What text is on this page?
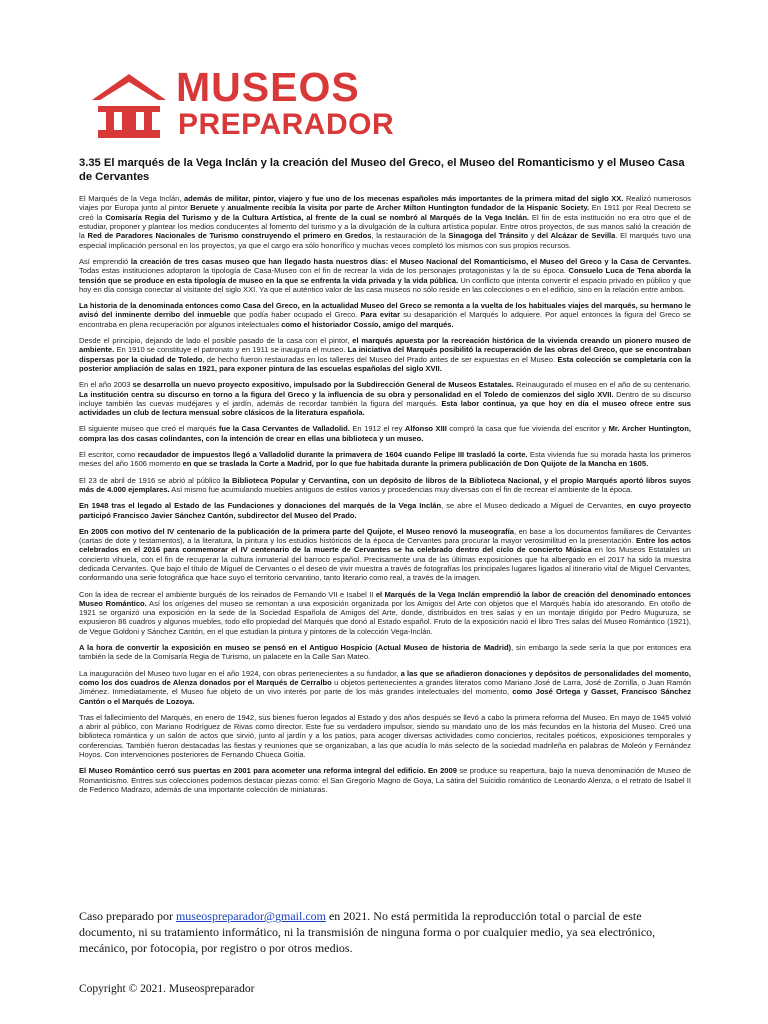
MUSEOS
PREPARADOR
3.35 El marqués de la Vega Inclán y la creación del Museo del Greco, el Museo del Romanticismo y el Museo Casa de Cervantes

El Marqués de la Vega Inclán, además de militar, pintor, viajero y fue uno de los mecenas españoles más importantes de la primera mitad del siglo XX. Realizó numerosos viajes por Europa junto al pintor Beruete y anualmente recibía la visita por parte de Archer Milton Huntington fundador de la Hispanic Society. En 1911 por Real Decreto se creó la Comisaría Regia del Turismo y de la Cultura Artística, al frente de la cual se nombró al Marqués de la Vega Inclán. El fin de esta institución no era otro que el de estudiar, proponer y plantear los medios conducentes al fomento del turismo y a la divulgación de la cultura artística popular. Entre otros proyectos, de sus manos salió la creación de la Red de Paradores Nacionales de Turismo construyendo el primero en Gredos, la restauración de la Sinagoga del Tránsito y del Alcázar de Sevilla. El marqués tuvo una especial implicación personal en los proyectos, ya que el cargo era sólo honorífico y muchas veces completó los mismos con sus propios recursos.

Así emprendió la creación de tres casas museo que han llegado hasta nuestros días: el Museo Nacional del Romanticismo, el Museo del Greco y la Casa de Cervantes. Todas estas instituciones adoptaron la tipología de Casa-Museo con el fin de recrear la vida de los personajes protagonistas y la de su época. Consuelo Luca de Tena aborda la tensión que se produce en esta tipología de museo en la que se enfrenta la vida privada y la vida pública. Un conflicto que intenta convertir el espacio privado en público y que hoy en día consiga conectar al visitante del siglo XXI. Ya que el auténtico valor de las casa museos no sólo reside en las colecciones o en el edificio, sino en la relación entre ambos.

La historia de la denominada entonces como Casa del Greco, en la actualidad Museo del Greco se remonta a la vuelta de los habituales viajes del marqués, su hermano le avisó del inminente derribo del inmueble que podía haber ocupado el Greco. Para evitar su desaparición el Marqués lo adquiere. Por aquel entonces la figura del Greco se encontraba en plena recuperación por algunos intelectuales como el historiador Cossío, amigo del marqués.

Desde el principio, dejando de lado el posible pasado de la casa con el pintor, el marqués apuesta por la recreación histórica de la vivienda creando un pionero museo de ambiente. En 1910 se constituye el patronato y en 1911 se inaugura el museo. La iniciativa del Marqués posibilitó la recuperación de las obras del Greco, que se encontraban dispersas por la ciudad de Toledo, de hecho fueron restauradas en los talleres del Museo del Prado antes de ser expuestas en el Museo. Esta colección se completaría con la posterior ampliación de salas en 1921, para exponer pintura de las escuelas españolas del siglo XVII.

En el año 2003 se desarrolla un nuevo proyecto expositivo, impulsado por la Subdirección General de Museos Estatales. Reinaugurado el museo en el año de su centenario. La institución centra su discurso en torno a la figura del Greco y la influencia de su obra y personalidad en el Toledo de comienzos del siglo XVII. Dentro de su discurso incluye también las cuevas mudéjares y el jardín, además de recordar también la figura del marqués. Esta labor continua, ya que hoy en día el museo ofrece entre sus actividades un club de lectura mensual sobre clásicos de la literatura española.

El siguiente museo que creó el marqués fue la Casa Cervantes de Valladolid. En 1912 el rey Alfonso XIII compró la casa que fue vivienda del escritor y Mr. Archer Huntington, compra las dos casas colindantes, con la intención de crear en ellas una biblioteca y un museo.

El escritor, como recaudador de impuestos llegó a Valladolid durante la primavera de 1604 cuando Felipe III trasladó la corte. Esta vivienda fue su morada hasta los primeros meses del año 1606 momento en que se traslada la Corte a Madrid, por lo que fue habitada durante la primera publicación de Don Quijote de la Mancha en 1605.

El 23 de abril de 1916 se abrió al público la Biblioteca Popular y Cervantina, con un depósito de libros de la Biblioteca Nacional, y el propio Marqués aportó libros suyos más de 4.000 ejemplares. Así mismo fue acumulando muebles antiguos de estilos varios y procedencias muy diversas con el fin de recrear el ambiente de la época.

En 1948 tras el legado al Estado de las Fundaciones y donaciones del marqués de la Vega Inclán, se abre el Museo dedicado a Miguel de Cervantes, en cuyo proyecto participó Francisco Javier Sánchez Cantón, subdirector del Museo del Prado.

En 2005 con motivo del IV centenario de la publicación de la primera parte del Quijote, el Museo renovó la museografía, en base a los documentos familiares de Cervantes (cartas de dote y testamentos), a la literatura, la pintura y los estudios históricos de la época de Cervantes para procurar la mayor verosimilitud en la presentación. Entre los actos celebrados en el 2016 para conmemorar el IV centenario de la muerte de Cervantes se ha celebrado dentro del ciclo de concierto Música en los Museos Estatales un concierto vihuela, con el fin de recuperar la cultura inmaterial del barroco español. Precisamente una de las últimas exposiciones que ha albergado en el 2017 ha sido la muestra dedicada Cervantes. Que bajo el título de Miguel de Cervantes o el deseo de vivir muestra a través de fotografías los principales lugares ligados al itinerario vital de Miguel Cervantes, conformando una serie fotográfica que hace suyo el territorio cervantino, tanto literario como real, a través de la imagen.

Con la idea de recrear el ambiente burgués de los reinados de Fernando VII e Isabel II el Marqués de la Vega Inclán emprendió la labor de creación del denominado entonces Museo Romántico. Así los orígenes del museo se remontan a una exposición organizada por los Amigos del Arte con objetos que el Marqués había ido atesorando. En otoño de 1921 se organizó una exposición en la sede de la Sociedad Española de Amigos del Arte, donde, distribuidos en tres salas y en un montaje dirigido por Pedro Muguruza, se expusieron 86 cuadros y algunos muebles, todo ello propiedad del Marqués que donó al Estado español. Fruto de la exposición nació el libro Tres salas del Museo Romántico (1921), de Vegue Goldoni y Sánchez Cantón, en el que estudian la pintura y pintores de la colección Vega-Inclán.

A la hora de convertir la exposición en museo se pensó en el Antiguo Hospicio (Actual Museo de historia de Madrid), sin embargo la sede sería la que por entonces era también la sede de la Comisaría Regia de Turismo, un palacete en la Calle San Mateo.

La inauguración del Museo tuvo lugar en el año 1924, con obras pertenecientes a su fundador, a las que se añadieron donaciones y depósitos de personalidades del momento, como los dos cuadros de Alenza donados por el Marqués de Cerralbo u objetos pertenecientes a grandes literatos como Mariano José de Larra, José de Zorrilla, o Juan Ramón Jiménez. Inmediatamente, el Museo fue objeto de un vivo interés por parte de los más grandes intelectuales del momento, como José Ortega y Gasset, Francisco Sánchez Cantón o el Marqués de Lozoya.

Tras el fallecimiento del Marqués, en enero de 1942, sus bienes fueron legados al Estado y dos años después se llevó a cabo la primera reforma del Museo. En mayo de 1945 volvió a abrir al público, con Mariano Rodríguez de Rivas como director. Este fue su verdadero impulsor, siendo su mandato uno de los más fecundos en la historia del Museo. Creó una biblioteca romántica y un salón de actos que sirvió, junto al jardín y a los patios, para acoger diversas actividades como conciertos, recitales poéticos, exposiciones temporales y conferencias. También fueron destacadas las fiestas y reuniones que se organizaban, a las que acudía lo más selecto de la sociedad madrileña en palabras de Moleón y Fernández Hoyos. Con intervenciones posteriores de Fernando Chueca Goitia.

El Museo Romántico cerró sus puertas en 2001 para acometer una reforma integral del edificio. En 2009 se produce su reapertura, bajo la nueva denominación de Museo de Romanticismo. Entres sus colecciones podemos destacar piezas como: el San Gregorio Magno de Goya, La sátira del Suicidio romántico de Leonardo Alenza, o el retrato de Isabel II de Federico Madrazo, además de una importante colección de miniaturas.

Caso preparado por museospreparador@gmail.com en 2021. No está permitida la reproducción total o parcial de este documento, ni su tratamiento informático, ni la transmisión de ninguna forma o por cualquier medio, ya sea electrónico, mecánico, por fotocopia, por registro o por otros medios.
Copyright © 2021. Museospreparador
